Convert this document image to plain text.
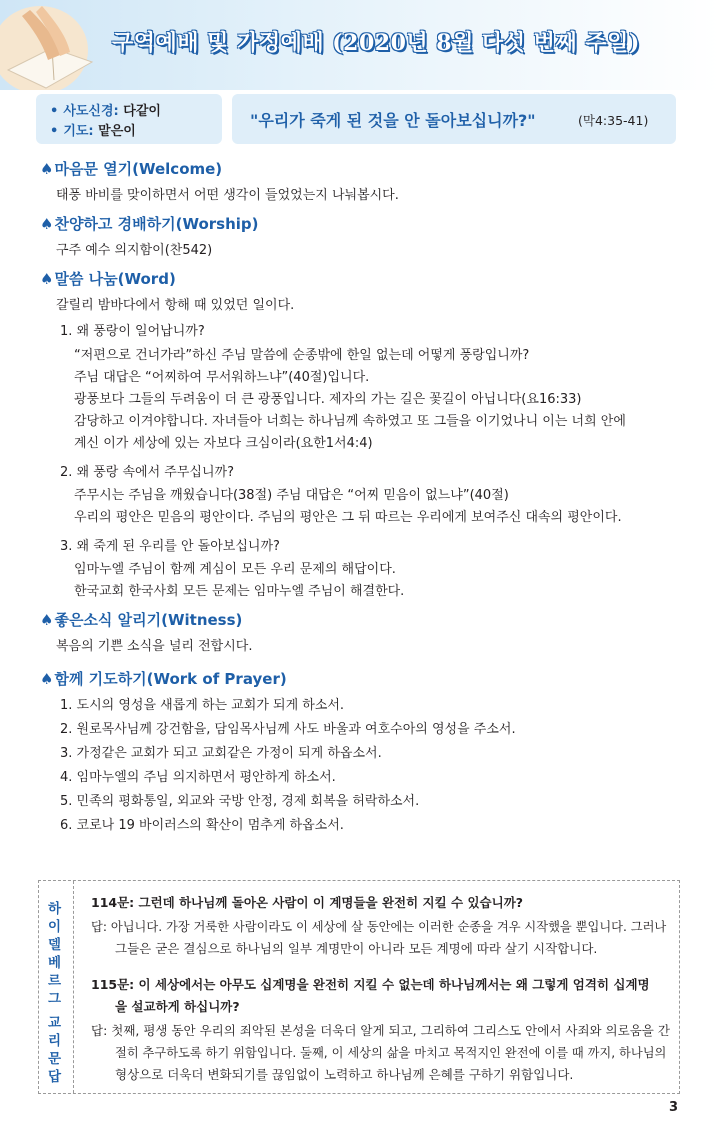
구역예배 및 가정예배 (2020년 8월 다섯 번째 주일)
• 사도신경: 다같이
• 기도: 맡은이
"우리가 죽게 된 것을 안 돌아보십니까?"	(막4:35-41)
♠마음문 열기(Welcome)
태풍 바비를 맞이하면서 어떤 생각이 들었었는지 나눠봅시다.
♠찬양하고 경배하기(Worship)
구주 예수 의지함이(찬542)
♠말씀 나눔(Word)
갈릴리 밤바다에서 항해 때 있었던 일이다.
1. 왜 풍랑이 일어납니까?
“저편으로 건너가라”하신 주님 말씀에 순종밖에 한일 없는데 어떻게 풍랑입니까?
주님 대답은 “어찌하여 무서워하느냐”(40절)입니다.
광풍보다 그들의 두려움이 더 큰 광풍입니다. 제자의 가는 길은 꽃길이 아닙니다(요16:33)
감당하고 이겨야합니다. 자녀들아 너희는 하나님께 속하였고 또 그들을 이기었나니 이는 너희 안에
계신 이가 세상에 있는 자보다 크심이라(요한1서4:4)
2. 왜 풍랑 속에서 주무십니까?
주무시는 주님을 깨웠습니다(38절) 주님 대답은 “어찌 믿음이 없느냐”(40절)
우리의 평안은 믿음의 평안이다. 주님의 평안은 그 뒤 따르는 우리에게 보여주신 대속의 평안이다.
3. 왜 죽게 된 우리를 안 돌아보십니까?
임마누엘 주님이 함께 계심이 모든 우리 문제의 해답이다.
한국교회 한국사회 모든 문제는 임마누엘 주님이 해결한다.
♠좋은소식 알리기(Witness)
복음의 기쁜 소식을 널리 전합시다.
♠함께 기도하기(Work of Prayer)
1. 도시의 영성을 새롭게 하는 교회가 되게 하소서.
2. 원로목사님께 강건함을, 담임목사님께 사도 바울과 여호수아의 영성을 주소서.
3. 가정같은 교회가 되고 교회같은 가정이 되게 하옵소서.
4. 임마누엘의 주님 의지하면서 평안하게 하소서.
5. 민족의 평화통일, 외교와 국방 안정, 경제 회복을 허락하소서.
6. 코로나 19 바이러스의 확산이 멈추게 하옵소서.
하
이
델
베
르
그
교
리
문
답
114문: 그런데 하나님께 돌아온 사람이 이 계명들을 완전히 지킬 수 있습니까?
답: 아닙니다. 가장 거룩한 사람이라도 이 세상에 살 동안에는 이러한 순종을 겨우 시작했을 뿐입니다. 그러나
그들은 굳은 결심으로 하나님의 일부 계명만이 아니라 모든 계명에 따라 살기 시작합니다.
115문: 이 세상에서는 아무도 십계명을 완전히 지킬 수 없는데 하나님께서는 왜 그렇게 엄격히 십계명
을 설교하게 하십니까?
답: 첫째, 평생 동안 우리의 죄악된 본성을 더욱더 알게 되고, 그리하여 그리스도 안에서 사죄와 의로움을 간
절히 추구하도록 하기 위함입니다. 둘째, 이 세상의 삶을 마치고 목적지인 완전에 이를 때 까지, 하나님의
형상으로 더욱더 변화되기를 끊임없이 노력하고 하나님께 은혜를 구하기 위함입니다.
3
